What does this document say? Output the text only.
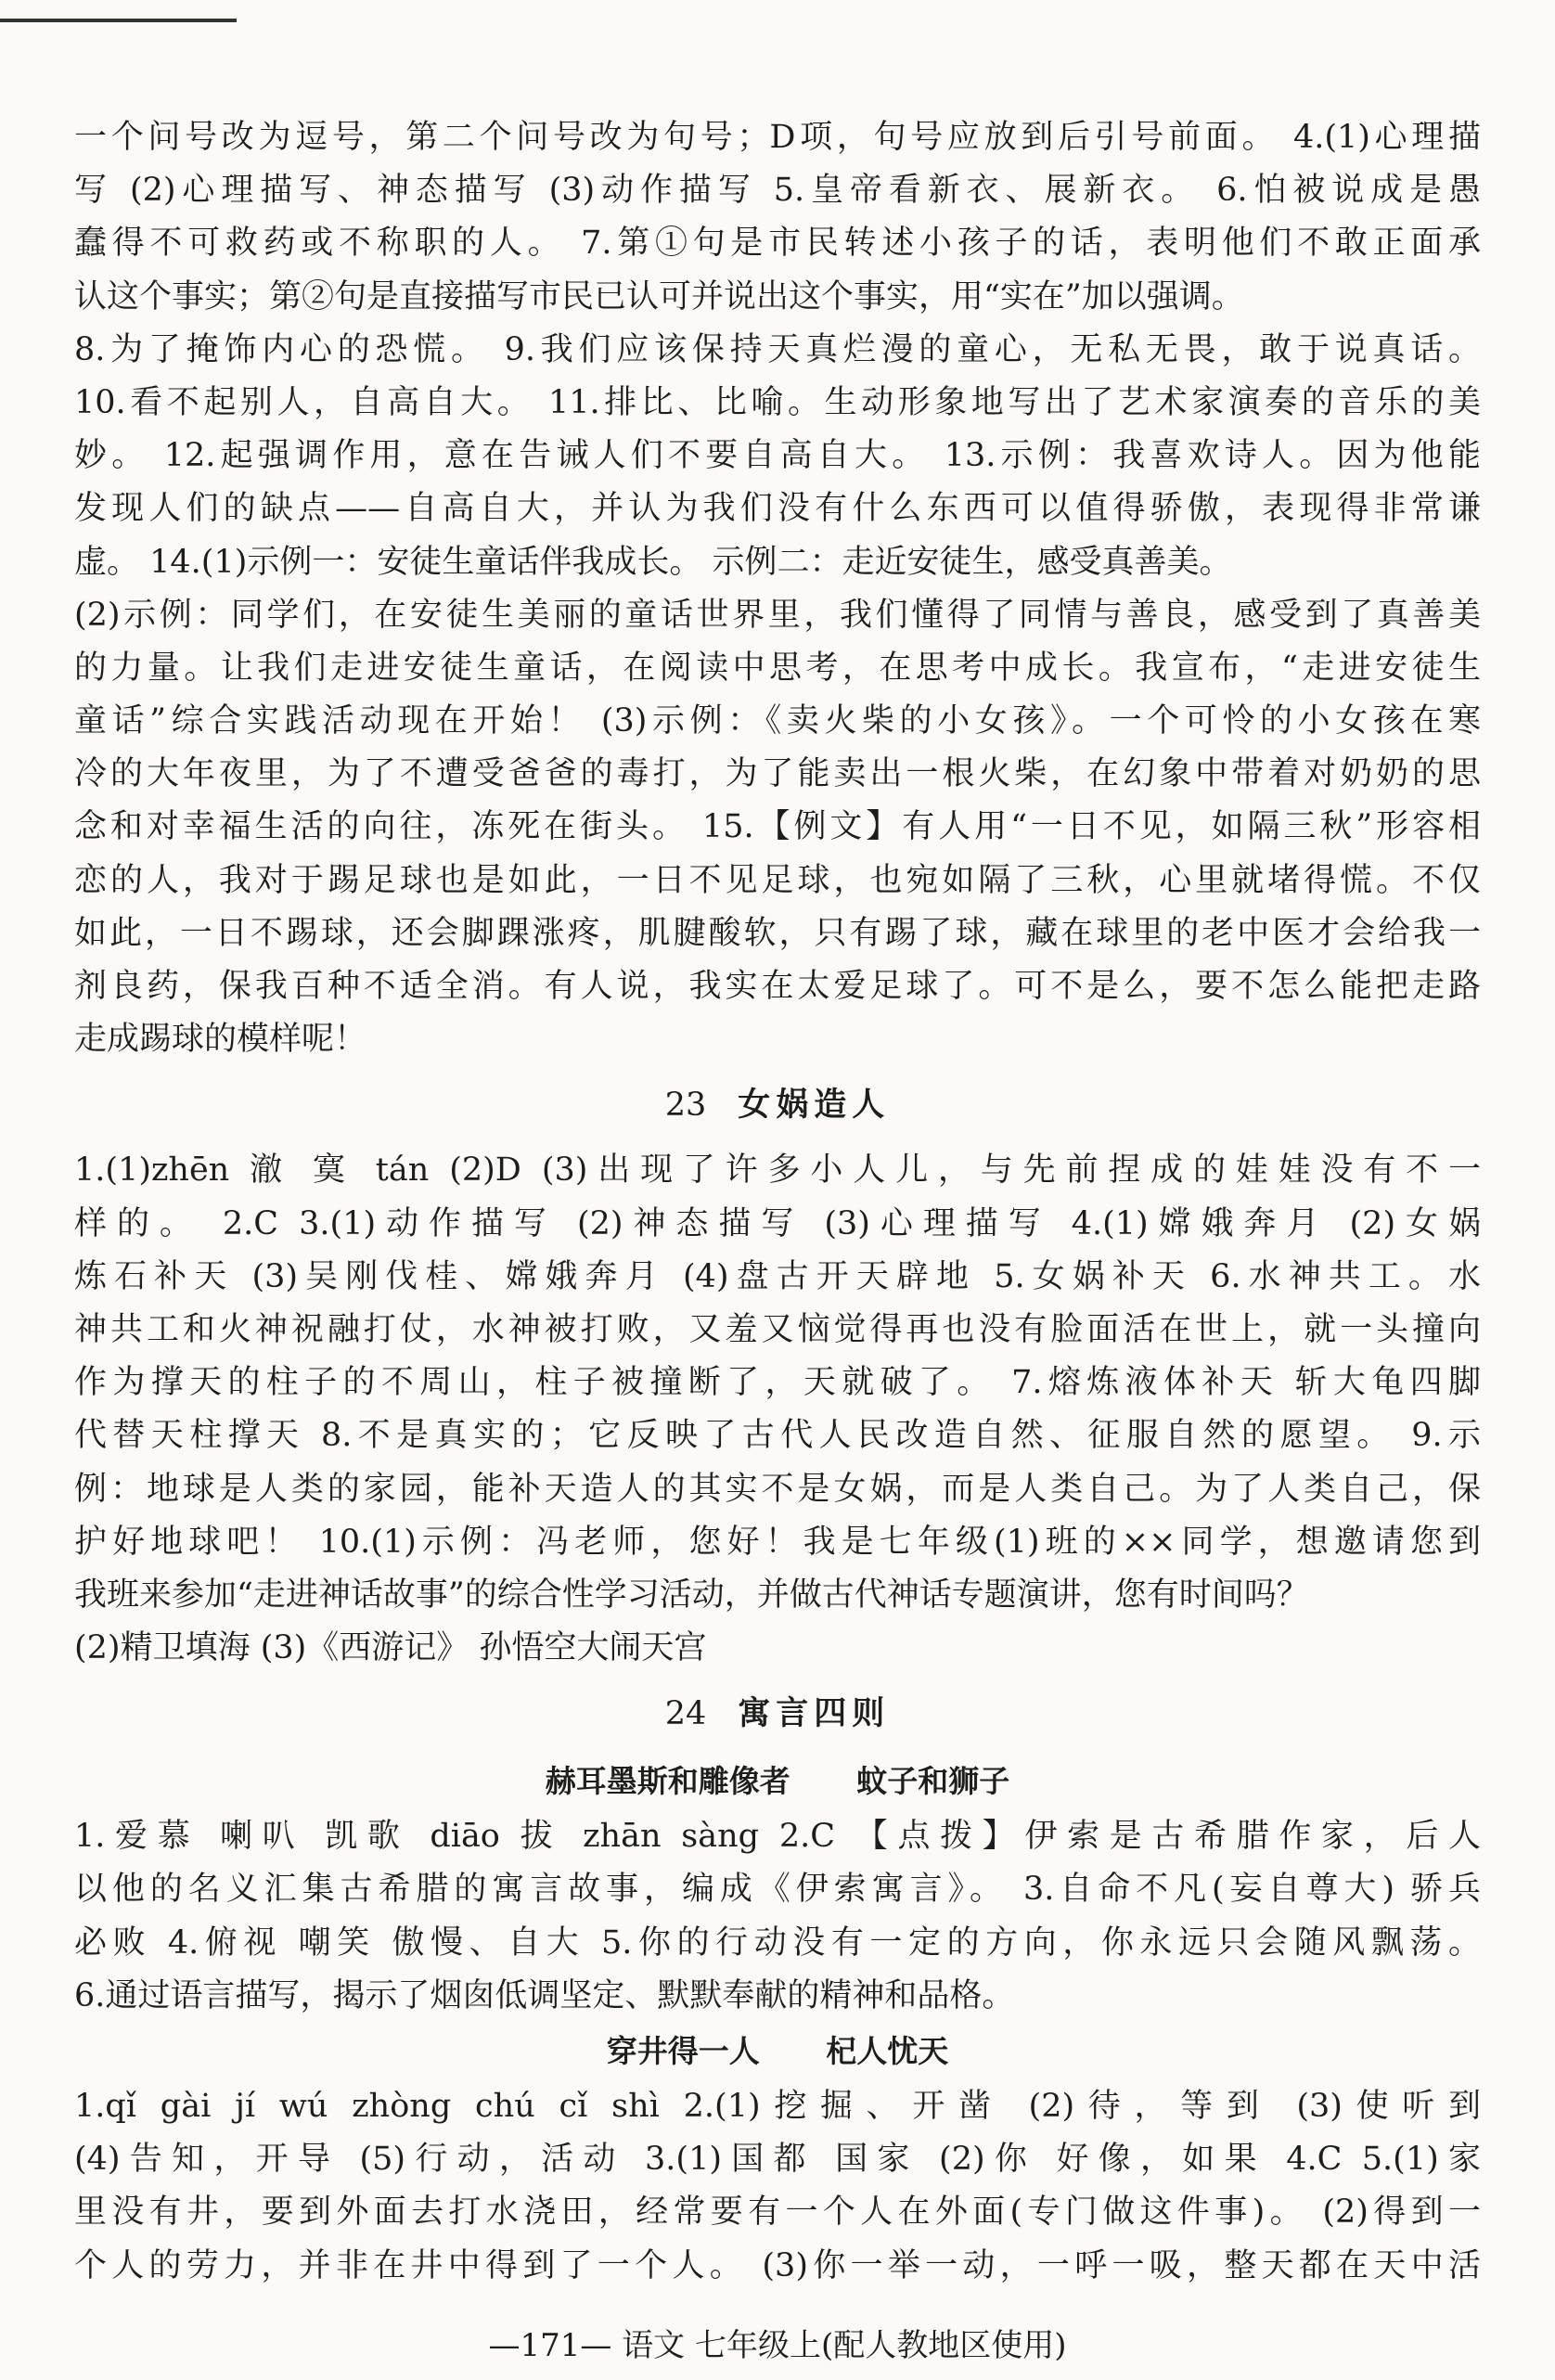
一个问号改为逗号，第二个问号改为句号；D项，句号应放到后引号前面。 4.(1)心理描
写 (2)心理描写、神态描写 (3)动作描写 5.皇帝看新衣、展新衣。 6.怕被说成是愚
蠢得不可救药或不称职的人。 7.第①句是市民转述小孩子的话，表明他们不敢正面承
认这个事实；第②句是直接描写市民已认可并说出这个事实，用“实在”加以强调。
8.为了掩饰内心的恐慌。 9.我们应该保持天真烂漫的童心，无私无畏，敢于说真话。
10.看不起别人，自高自大。 11.排比、比喻。生动形象地写出了艺术家演奏的音乐的美
妙。 12.起强调作用，意在告诫人们不要自高自大。 13.示例：我喜欢诗人。因为他能
发现人们的缺点——自高自大，并认为我们没有什么东西可以值得骄傲，表现得非常谦
虚。 14.(1)示例一：安徒生童话伴我成长。 示例二：走近安徒生，感受真善美。
(2)示例：同学们，在安徒生美丽的童话世界里，我们懂得了同情与善良，感受到了真善美
的力量。让我们走进安徒生童话，在阅读中思考，在思考中成长。我宣布，“走进安徒生
童话”综合实践活动现在开始！ (3)示例：《卖火柴的小女孩》。一个可怜的小女孩在寒
冷的大年夜里，为了不遭受爸爸的毒打，为了能卖出一根火柴，在幻象中带着对奶奶的思
念和对幸福生活的向往，冻死在街头。 15.【例文】有人用“一日不见，如隔三秋”形容相
恋的人，我对于踢足球也是如此，一日不见足球，也宛如隔了三秋，心里就堵得慌。不仅
如此，一日不踢球，还会脚踝涨疼，肌腱酸软，只有踢了球，藏在球里的老中医才会给我一
剂良药，保我百种不适全消。有人说，我实在太爱足球了。可不是么，要不怎么能把走路
走成踢球的模样呢！
23 女娲造人
1.(1)zhēn 澈 寞 tán (2)D (3)出现了许多小人儿，与先前捏成的娃娃没有不一
样的。 2.C 3.(1)动作描写 (2)神态描写 (3)心理描写 4.(1)嫦娥奔月 (2)女娲
炼石补天 (3)吴刚伐桂、嫦娥奔月 (4)盘古开天辟地 5.女娲补天 6.水神共工。水
神共工和火神祝融打仗，水神被打败，又羞又恼觉得再也没有脸面活在世上，就一头撞向
作为撑天的柱子的不周山，柱子被撞断了，天就破了。 7.熔炼液体补天 斩大龟四脚
代替天柱撑天 8.不是真实的；它反映了古代人民改造自然、征服自然的愿望。 9.示
例：地球是人类的家园，能补天造人的其实不是女娲，而是人类自己。为了人类自己，保
护好地球吧！ 10.(1)示例：冯老师，您好！我是七年级(1)班的××同学，想邀请您到
我班来参加“走进神话故事”的综合性学习活动，并做古代神话专题演讲，您有时间吗？
(2)精卫填海 (3)《西游记》 孙悟空大闹天宫
24 寓言四则
赫耳墨斯和雕像者 蚊子和狮子
1.爱慕 喇叭 凯歌 diāo 拔 zhān sàng 2.C 【点拨】伊索是古希腊作家，后人
以他的名义汇集古希腊的寓言故事，编成《伊索寓言》。 3.自命不凡(妄自尊大) 骄兵
必败 4.俯视 嘲笑 傲慢、自大 5.你的行动没有一定的方向，你永远只会随风飘荡。
6.通过语言描写，揭示了烟囱低调坚定、默默奉献的精神和品格。
穿井得一人 杞人忧天
1.qǐ gài jí wú zhòng chú cǐ shì 2.(1)挖掘、开凿 (2)待，等到 (3)使听到
(4)告知，开导 (5)行动，活动 3.(1)国都 国家 (2)你 好像，如果 4.C 5.(1)家
里没有井，要到外面去打水浇田，经常要有一个人在外面(专门做这件事)。 (2)得到一
个人的劳力，并非在井中得到了一个人。 (3)你一举一动，一呼一吸，整天都在天中活
—171— 语文 七年级上(配人教地区使用)
